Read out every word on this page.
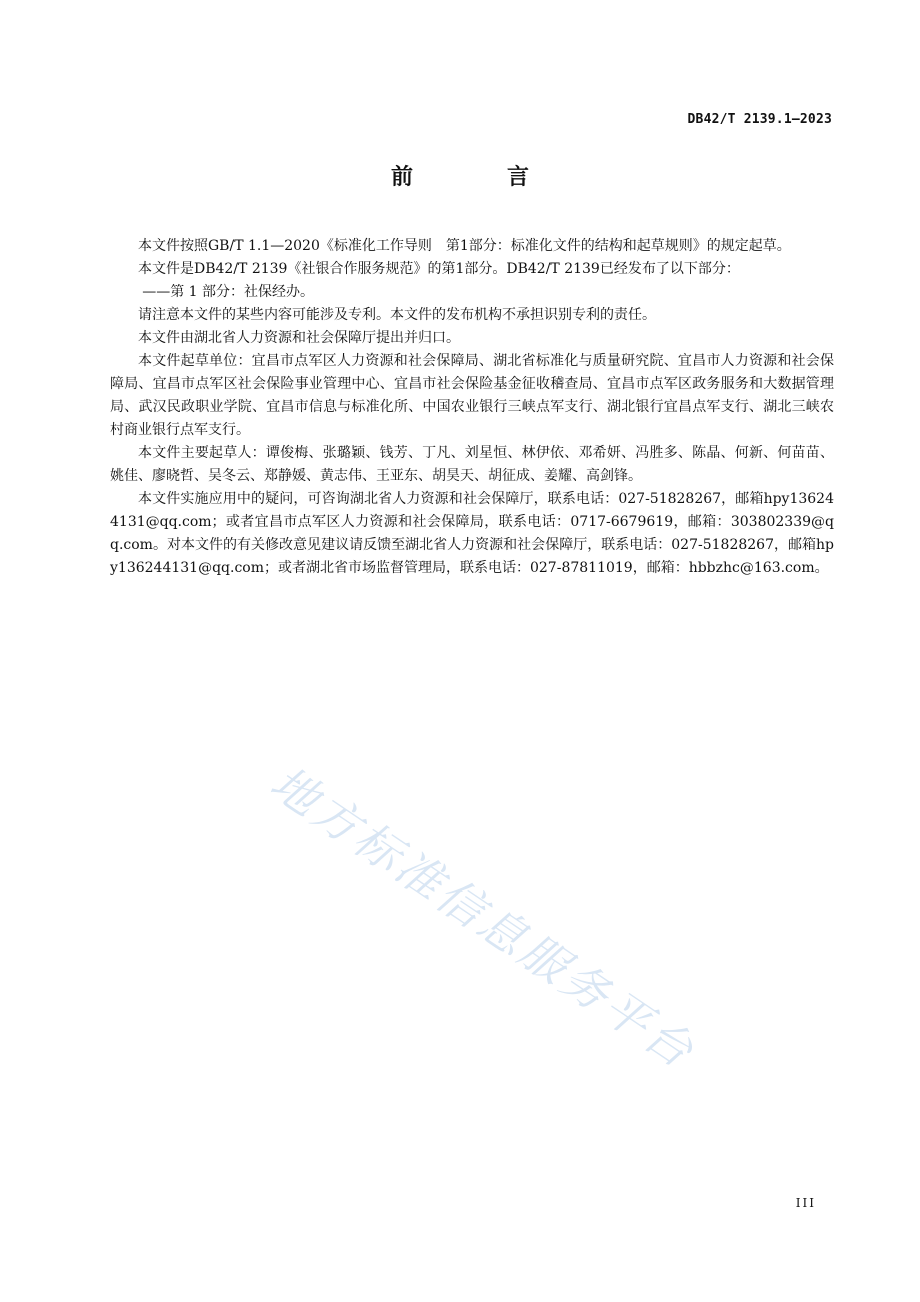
DB42/T 2139.1—2023
前　言

本文件按照GB/T 1.1—2020《标准化工作导则　第1部分：标准化文件的结构和起草规则》的规定起草。

本文件是DB42/T 2139《社银合作服务规范》的第1部分。DB42/T 2139已经发布了以下部分：

——第 1 部分：社保经办。

请注意本文件的某些内容可能涉及专利。本文件的发布机构不承担识别专利的责任。

本文件由湖北省人力资源和社会保障厅提出并归口。

本文件起草单位：宜昌市点军区人力资源和社会保障局、湖北省标准化与质量研究院、宜昌市人力资源和社会保障局、宜昌市点军区社会保险事业管理中心、宜昌市社会保险基金征收稽查局、宜昌市点军区政务服务和大数据管理局、武汉民政职业学院、宜昌市信息与标准化所、中国农业银行三峡点军支行、湖北银行宜昌点军支行、湖北三峡农村商业银行点军支行。

本文件主要起草人：谭俊梅、张璐颖、钱芳、丁凡、刘星恒、林伊依、邓希妍、冯胜多、陈晶、何新、何苗苗、姚佳、廖晓哲、吴冬云、郑静媛、黄志伟、王亚东、胡昊天、胡征成、姜耀、高剑锋。

本文件实施应用中的疑问，可咨询湖北省人力资源和社会保障厅，联系电话：027-51828267，邮箱hpy136244131@qq.com；或者宜昌市点军区人力资源和社会保障局，联系电话：0717-6679619，邮箱：303802339@qq.com。对本文件的有关修改意见建议请反馈至湖北省人力资源和社会保障厅，联系电话：027-51828267，邮箱hpy136244131@qq.com；或者湖北省市场监督管理局，联系电话：027-87811019，邮箱：hbbzhc@163.com。

地方标准信息服务平台
III
